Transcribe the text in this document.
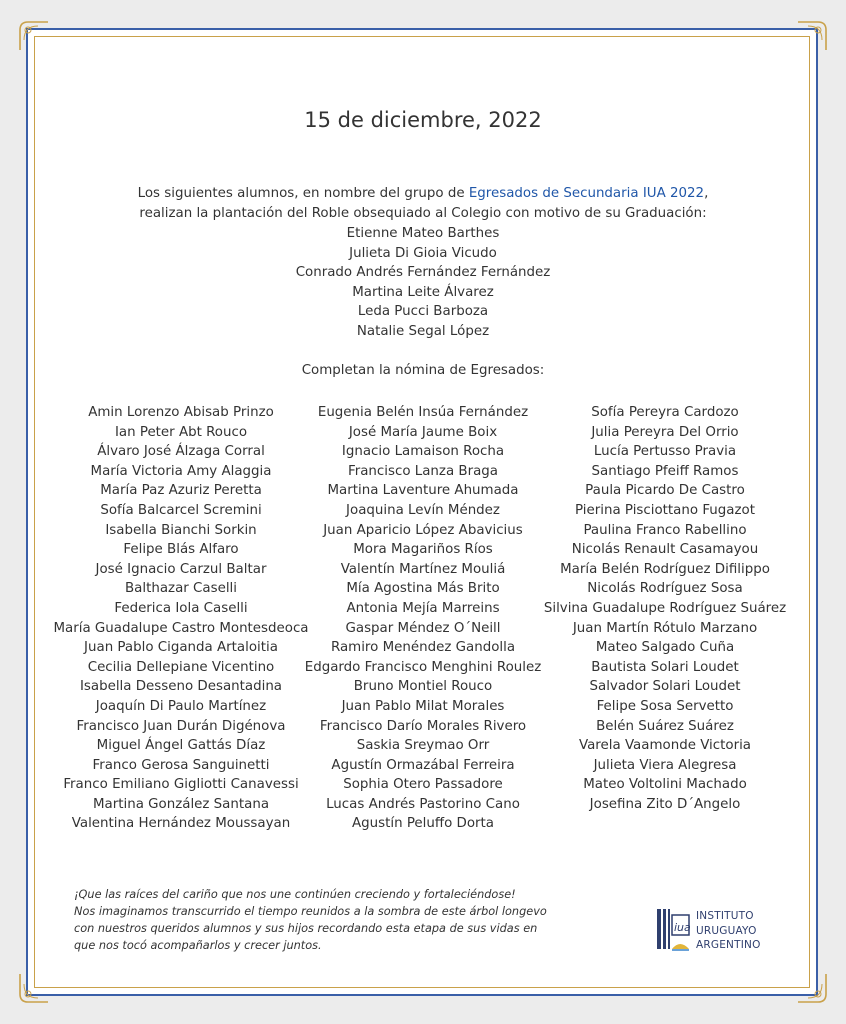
15 de diciembre, 2022
Los siguientes alumnos, en nombre del grupo de Egresados de Secundaria IUA 2022,
realizan la plantación del Roble obsequiado al Colegio con motivo de su Graduación:
Etienne Mateo Barthes
Julieta Di Gioia Vicudo
Conrado Andrés Fernández Fernández
Martina Leite Álvarez
Leda Pucci Barboza
Natalie Segal López
Completan la nómina de Egresados:
Amin Lorenzo Abisab Prinzo
Ian Peter Abt Rouco
Álvaro José Álzaga Corral
María Victoria Amy Alaggia
María Paz Azuriz Peretta
Sofía Balcarcel Scremini
Isabella Bianchi Sorkin
Felipe Blás Alfaro
José Ignacio Carzul Baltar
Balthazar Caselli
Federica Iola Caselli
María Guadalupe Castro Montesdeoca
Juan Pablo Ciganda Artaloitia
Cecilia Dellepiane Vicentino
Isabella Desseno Desantadina
Joaquín Di Paulo Martínez
Francisco Juan Durán Digénova
Miguel Ángel Gattás Díaz
Franco Gerosa Sanguinetti
Franco Emiliano Gigliotti Canavessi
Martina González Santana
Valentina Hernández Moussayan
Eugenia Belén Insúa Fernández
José María Jaume Boix
Ignacio Lamaison Rocha
Francisco Lanza Braga
Martina Laventure Ahumada
Joaquina Levín Méndez
Juan Aparicio López Abavicius
Mora Magariños Ríos
Valentín Martínez Mouliá
Mía Agostina Más Brito
Antonia Mejía Marreins
Gaspar Méndez O´Neill
Ramiro Menéndez Gandolla
Edgardo Francisco Menghini Roulez
Bruno Montiel Rouco
Juan Pablo Milat Morales
Francisco Darío Morales Rivero
Saskia Sreymao Orr
Agustín Ormazábal Ferreira
Sophia Otero Passadore
Lucas Andrés Pastorino Cano
Agustín Peluffo Dorta
Sofía Pereyra Cardozo
Julia Pereyra Del Orrio
Lucía Pertusso Pravia
Santiago Pfeiff Ramos
Paula Picardo De Castro
Pierina Pisciottano Fugazot
Paulina Franco Rabellino
Nicolás Renault Casamayou
María Belén Rodríguez Difilippo
Nicolás Rodríguez Sosa
Silvina Guadalupe Rodríguez Suárez
Juan Martín Rótulo Marzano
Mateo Salgado Cuña
Bautista Solari Loudet
Salvador Solari Loudet
Felipe Sosa Servetto
Belén Suárez Suárez
Varela Vaamonde Victoria
Julieta Viera Alegresa
Mateo Voltolini Machado
Josefina Zito D´Angelo
¡Que las raíces del cariño que nos une continúen creciendo y fortaleciéndose!
Nos imaginamos transcurrido el tiempo reunidos a la sombra de este árbol longevo
con nuestros queridos alumnos y sus hijos recordando esta etapa de sus vidas en
que nos tocó acompañarlos y crecer juntos.
iua
INSTITUTO
URUGUAYO
ARGENTINO
